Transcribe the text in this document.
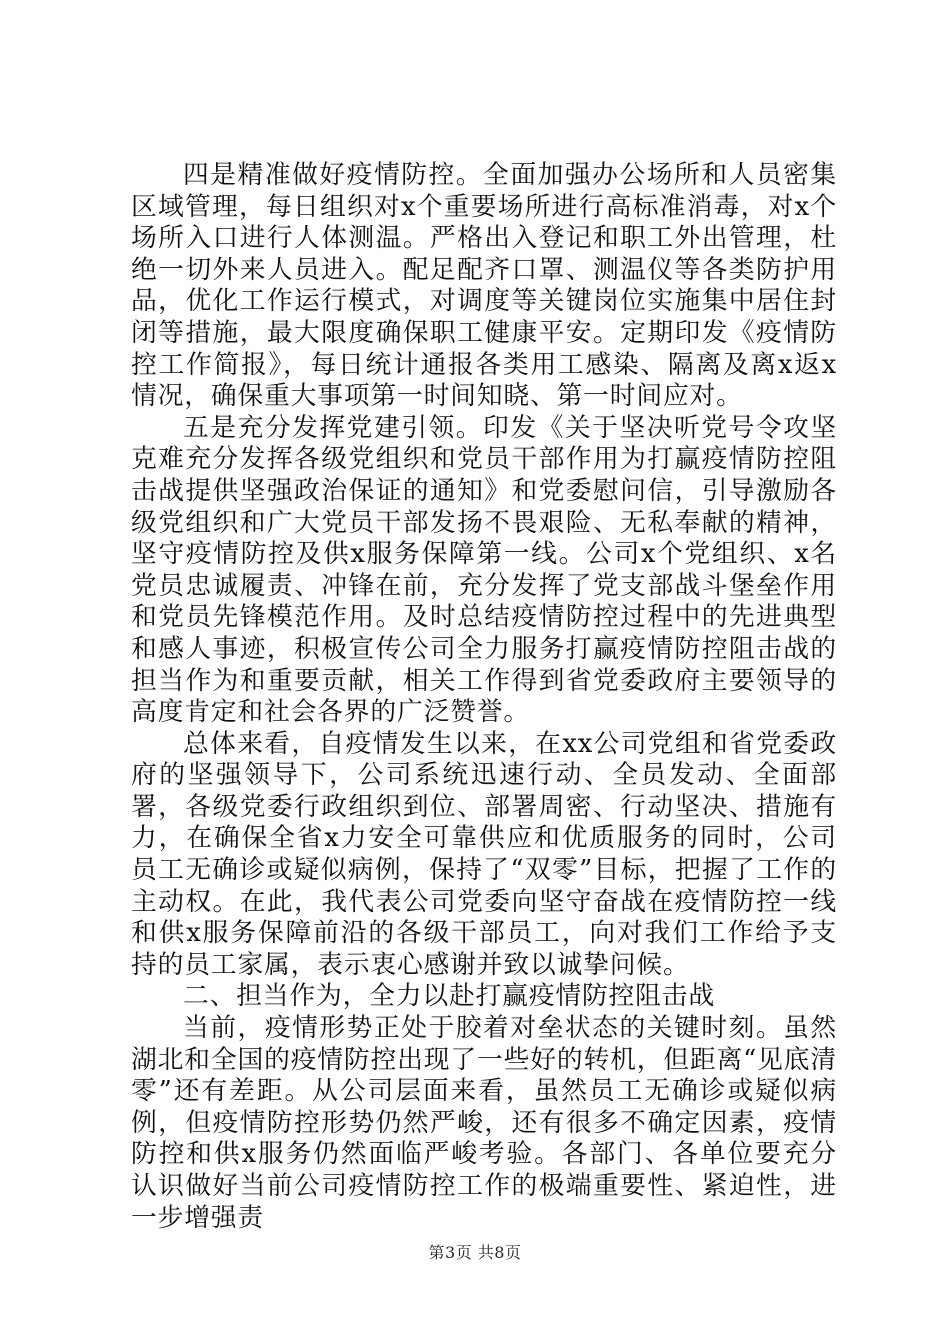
四是精准做好疫情防控。全面加强办公场所和人员密集区域管理，每日组织对x个重要场所进行高标准消毒，对x个场所入口进行人体测温。严格出入登记和职工外出管理，杜绝一切外来人员进入。配足配齐口罩、测温仪等各类防护用品，优化工作运行模式，对调度等关键岗位实施集中居住封闭等措施，最大限度确保职工健康平安。定期印发《疫情防控工作简报》，每日统计通报各类用工感染、隔离及离x返x情况，确保重大事项第一时间知晓、第一时间应对。

五是充分发挥党建引领。印发《关于坚决听党号令攻坚克难充分发挥各级党组织和党员干部作用为打赢疫情防控阻击战提供坚强政治保证的通知》和党委慰问信，引导激励各级党组织和广大党员干部发扬不畏艰险、无私奉献的精神，坚守疫情防控及供x服务保障第一线。公司x个党组织、x名党员忠诚履责、冲锋在前，充分发挥了党支部战斗堡垒作用和党员先锋模范作用。及时总结疫情防控过程中的先进典型和感人事迹，积极宣传公司全力服务打赢疫情防控阻击战的担当作为和重要贡献，相关工作得到省党委政府主要领导的高度肯定和社会各界的广泛赞誉。

总体来看，自疫情发生以来，在xx公司党组和省党委政府的坚强领导下，公司系统迅速行动、全员发动、全面部署，各级党委行政组织到位、部署周密、行动坚决、措施有力，在确保全省x力安全可靠供应和优质服务的同时，公司员工无确诊或疑似病例，保持了“双零”目标，把握了工作的主动权。在此，我代表公司党委向坚守奋战在疫情防控一线和供x服务保障前沿的各级干部员工，向对我们工作给予支持的员工家属，表示衷心感谢并致以诚挚问候。

二、担当作为，全力以赴打赢疫情防控阻击战

当前，疫情形势正处于胶着对垒状态的关键时刻。虽然湖北和全国的疫情防控出现了一些好的转机，但距离“见底清零”还有差距。从公司层面来看，虽然员工无确诊或疑似病例，但疫情防控形势仍然严峻，还有很多不确定因素，疫情防控和供x服务仍然面临严峻考验。各部门、各单位要充分认识做好当前公司疫情防控工作的极端重要性、紧迫性，进一步增强责

第3页 共8页
